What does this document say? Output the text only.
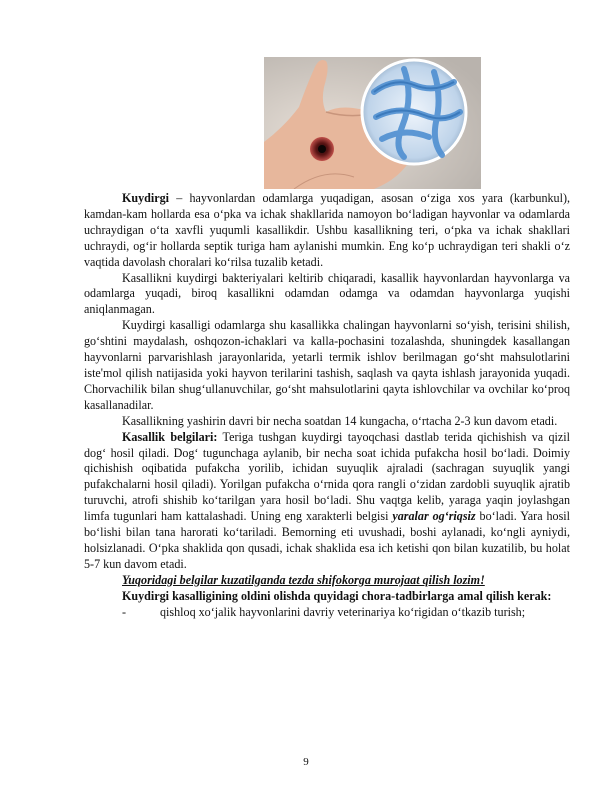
Kuydirgi – hayvonlardan odamlarga yuqadigan, asosan o‘ziga xos yara (karbunkul), kamdan-kam hollarda esa o‘pka va ichak shakllarida namoyon bo‘ladigan hayvonlar va odamlarda uchraydigan o‘ta xavfli yuqumli kasallikdir. Ushbu kasallikning teri, o‘pka va ichak shakllari uchraydi, og‘ir hollarda septik turiga ham aylanishi mumkin. Eng ko‘p uchraydigan teri shakli o‘z vaqtida davolash choralari ko‘rilsa tuzalib ketadi.

Kasallikni kuydirgi bakteriyalari keltirib chiqaradi, kasallik hayvonlardan hayvonlarga va odamlarga yuqadi, biroq kasallikni odamdan odamga va odamdan hayvonlarga yuqishi aniqlanmagan.

Kuydirgi kasalligi odamlarga shu kasallikka chalingan hayvonlarni so‘yish, terisini shilish, go‘shtini maydalash, oshqozon-ichaklari va kalla-pochasini tozalashda, shuningdek kasallangan hayvonlarni parvarishlash jarayonlarida, yetarli termik ishlov berilmagan go‘sht mahsulotlarini iste'mol qilish natijasida yoki hayvon terilarini tashish, saqlash va qayta ishlash jarayonida yuqadi. Chorvachilik bilan shug‘ullanuvchilar, go‘sht mahsulotlarini qayta ishlovchilar va ovchilar ko‘proq kasallanadilar.

Kasallikning yashirin davri bir necha soatdan 14 kungacha, o‘rtacha 2-3 kun davom etadi.

Kasallik belgilari: Teriga tushgan kuydirgi tayoqchasi dastlab terida qichishish va qizil dog‘ hosil qiladi. Dog‘ tugunchaga aylanib, bir necha soat ichida pufakcha hosil bo‘ladi. Doimiy qichishish oqibatida pufakcha yorilib, ichidan suyuqlik ajraladi (sachragan suyuqlik yangi pufakchalarni hosil qiladi). Yorilgan pufakcha o‘rnida qora rangli o‘zidan zardobli suyuqlik ajratib turuvchi, atrofi shishib ko‘tarilgan yara hosil bo‘ladi. Shu vaqtga kelib, yaraga yaqin joylashgan limfa tugunlari ham kattalashadi. Uning eng xarakterli belgisi yaralar og‘riqsiz bo‘ladi. Yara hosil bo‘lishi bilan tana harorati ko‘tariladi. Bemorning eti uvushadi, boshi aylanadi, ko‘ngli ayniydi, holsizlanadi. O‘pka shaklida qon qusadi, ichak shaklida esa ich ketishi qon bilan kuzatilib, bu holat 5-7 kun davom etadi.

Yuqoridagi belgilar kuzatilganda tezda shifokorga murojaat qilish lozim!

Kuydirgi kasalligining oldini olishda quyidagi chora-tadbirlarga amal qilish kerak:

-	qishloq xo‘jalik hayvonlarini davriy veterinariya ko‘rigidan o‘tkazib turish;
9
